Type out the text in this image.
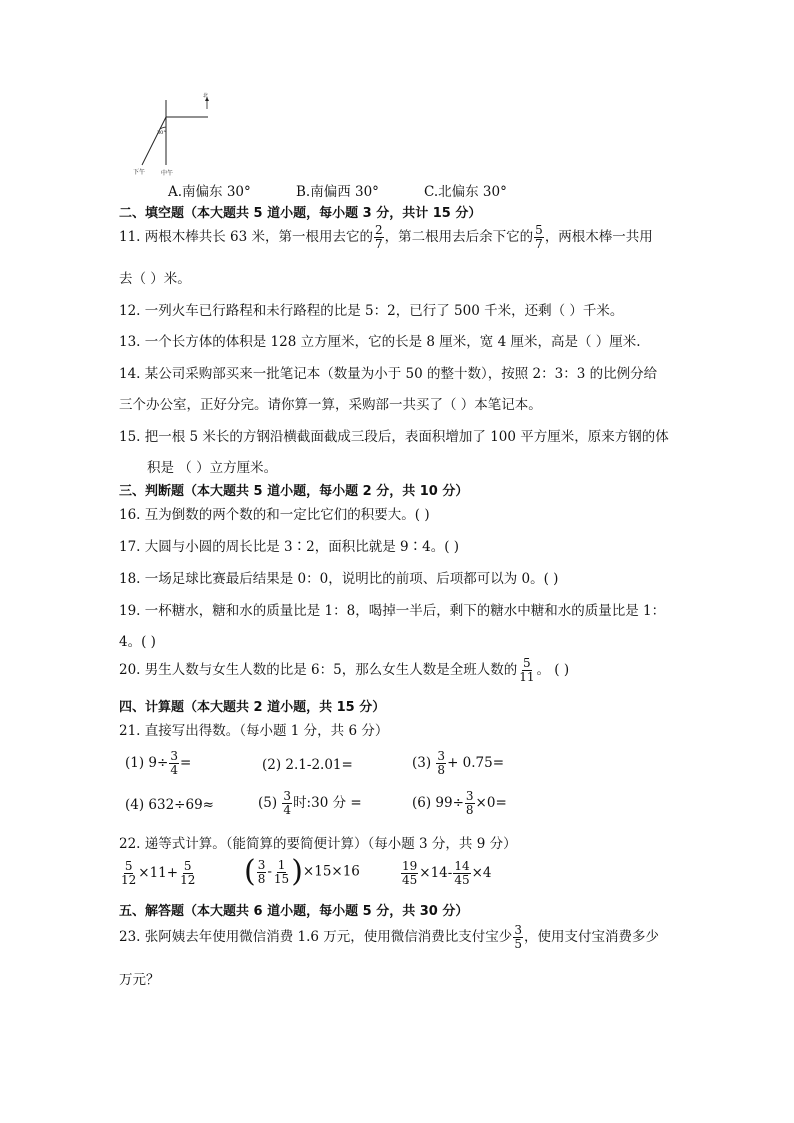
北
30°
下午	中午
A.南偏东 30°	B.南偏西 30°	C.北偏东 30°
二、填空题（本大题共 5 道小题，每小题 3 分，共计 15 分）
11. 两根木棒共长 63 米，第一根用去它的 $\frac{2}{7}$ ，第二根用去后余下它的 $\frac{5}{7}$ ，两根木棒一共用
去（ ）米。
12. 一列火车已行路程和未行路程的比是 5：2，已行了 500 千米，还剩（ ）千米。
13. 一个长方体的体积是 128 立方厘米，它的长是 8 厘米，宽 4 厘米，高是（ ）厘米.
14. 某公司采购部买来一批笔记本（数量为小于 50 的整十数），按照 2：3：3 的比例分给
三个办公室，正好分完。请你算一算，采购部一共买了（ ）本笔记本。
15. 把一根 5 米长的方钢沿横截面截成三段后，表面积增加了 100 平方厘米，原来方钢的体
积是 （ ）立方厘米。
三、判断题（本大题共 5 道小题，每小题 2 分，共 10 分）
16. 互为倒数的两个数的和一定比它们的积要大。( )
17. 大圆与小圆的周长比是 3∶2，面积比就是 9∶4。( )
18. 一场足球比赛最后结果是 0：0，说明比的前项、后项都可以为 0。( )
19. 一杯糖水，糖和水的质量比是 1：8，喝掉一半后，剩下的糖水中糖和水的质量比是 1：
4。( )
20. 男生人数与女生人数的比是 6：5，那么女生人数是全班人数的 $\frac{5}{11}$ 。 ( )
四、计算题（本大题共 2 道小题，共 15 分）
21. 直接写出得数。（每小题 1 分，共 6 分）
(1) $9\div \frac{3}{4}$ =	(2) 2.1-2.01=	$(3) \frac{3}{8} + 0.75=$
(4) 632÷69≈	$(5) \frac{3}{4}$ 时:30 分 =	(6) $99\div \frac{3}{8} \times 0=$
22. 递等式计算。（能简算的要简便计算）（每小题 3 分，共 9 分）
$\frac{5}{12} \times 11+ \frac{5}{12}$ ( $\frac{3}{8} - \frac{1}{15} )\times 15\times 16$	$\frac{19}{45} \times 14- \frac{14}{45} \times 4$
五、解答题（本大题共 6 道小题，每小题 5 分，共 30 分）
23. 张阿姨去年使用微信消费 1.6 万元，使用微信消费比支付宝少 $\frac{3}{5}$ ，使用支付宝消费多少
万元？
